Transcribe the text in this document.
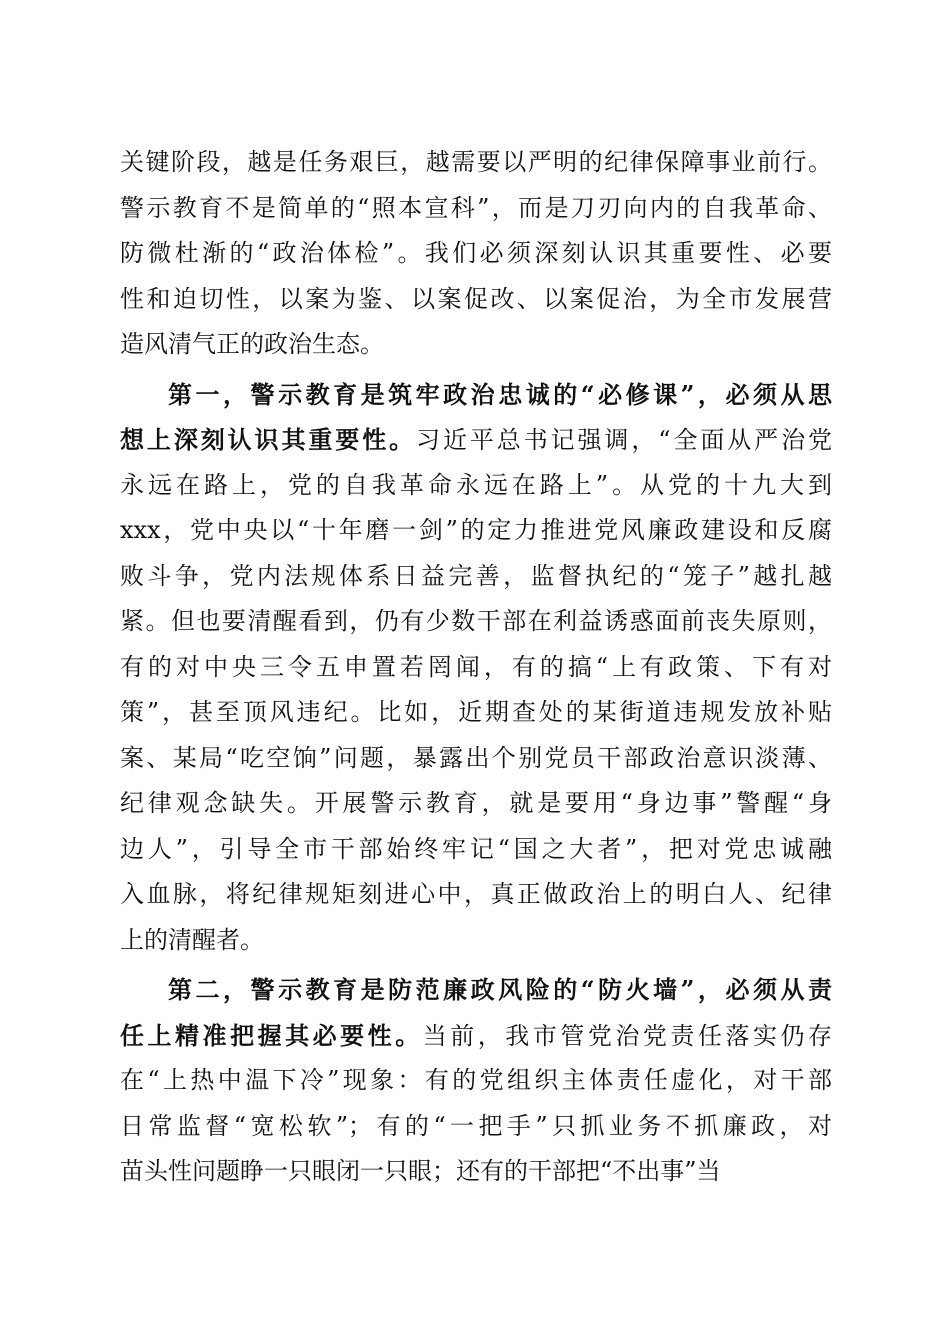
关键阶段，越是任务艰巨，越需要以严明的纪律保障事业前行。
警示教育不是简单的“照本宣科”，而是刀刃向内的自我革命、
防微杜渐的“政治体检”。我们必须深刻认识其重要性、必要
性和迫切性，以案为鉴、以案促改、以案促治，为全市发展营
造风清气正的政治生态。
第一，警示教育是筑牢政治忠诚的“必修课”，必须从思
想上深刻认识其重要性。习近平总书记强调，“全面从严治党
永远在路上，党的自我革命永远在路上”。从党的十九大到
xxx，党中央以“十年磨一剑”的定力推进党风廉政建设和反腐
败斗争，党内法规体系日益完善，监督执纪的“笼子”越扎越
紧。但也要清醒看到，仍有少数干部在利益诱惑面前丧失原则，
有的对中央三令五申置若罔闻，有的搞“上有政策、下有对
策”，甚至顶风违纪。比如，近期查处的某街道违规发放补贴
案、某局“吃空饷”问题，暴露出个别党员干部政治意识淡薄、
纪律观念缺失。开展警示教育，就是要用“身边事”警醒“身
边人”，引导全市干部始终牢记“国之大者”，把对党忠诚融
入血脉，将纪律规矩刻进心中，真正做政治上的明白人、纪律
上的清醒者。
第二，警示教育是防范廉政风险的“防火墙”，必须从责
任上精准把握其必要性。当前，我市管党治党责任落实仍存
在“上热中温下冷”现象：有的党组织主体责任虚化，对干部
日常监督“宽松软”；有的“一把手”只抓业务不抓廉政，对
苗头性问题睁一只眼闭一只眼；还有的干部把“不出事”当
